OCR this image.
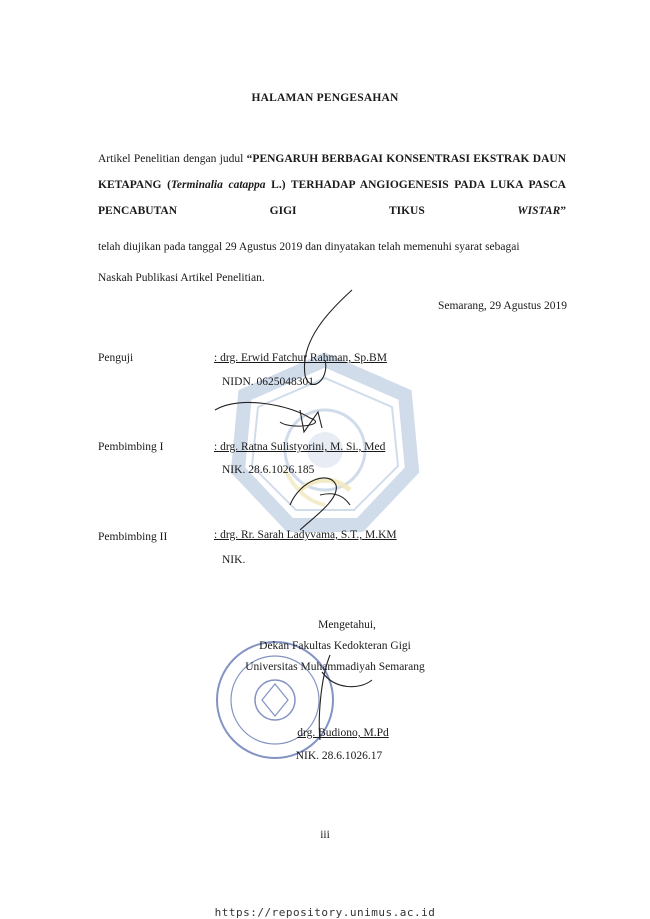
HALAMAN PENGESAHAN
Artikel Penelitian dengan judul “PENGARUH BERBAGAI KONSENTRASI EKSTRAK DAUN KETAPANG (Terminalia catappa L.) TERHADAP ANGIOGENESIS PADA LUKA PASCA PENCABUTAN GIGI TIKUS WISTAR”
telah diujikan pada tanggal 29 Agustus 2019 dan dinyatakan telah memenuhi syarat sebagai
Naskah Publikasi Artikel Penelitian.
Semarang, 29 Agustus 2019
Penguji	: drg. Erwid Fatchur Rahman, Sp.BM
NIDN. 0625048301
Pembimbing I	: drg. Ratna Sulistyorini, M. Si., Med
NIK. 28.6.1026.185
Pembimbing II	: drg. Rr. Sarah Ladyvama, S.T., M.KM
NIK.
Mengetahui,
Dekan Fakultas Kedokteran Gigi
Universitas Muhammadiyah Semarang
drg. Budiono, M.Pd
NIK. 28.6.1026.17
iii
https://repository.unimus.ac.id
